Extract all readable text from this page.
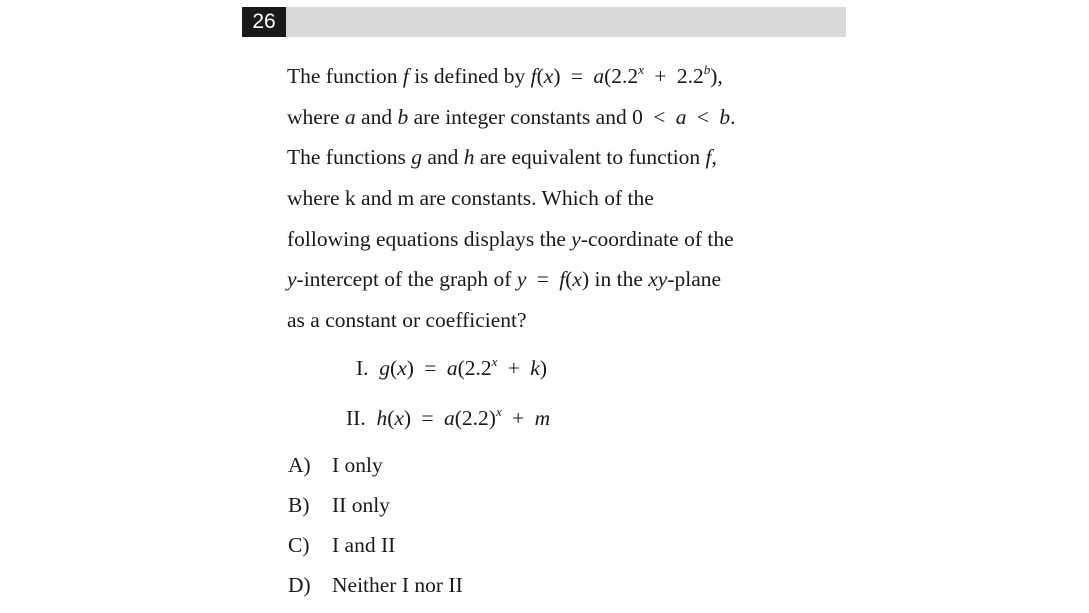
26
The function f is defined by $f(x) = a(2.2^x + 2.2^b)$,
where a and b are integer constants and 0 < a < b.
The functions g and h are equivalent to function f,
where k and m are constants. Which of the
following equations displays the y-coordinate of the
y-intercept of the graph of y = f(x) in the xy-plane
as a constant or coefficient?
I. $g(x) = a(2.2^x + k)$
II. $h(x) = a(2.2)^x + m$
A) I only
B) II only
C) I and II
D) Neither I nor II
